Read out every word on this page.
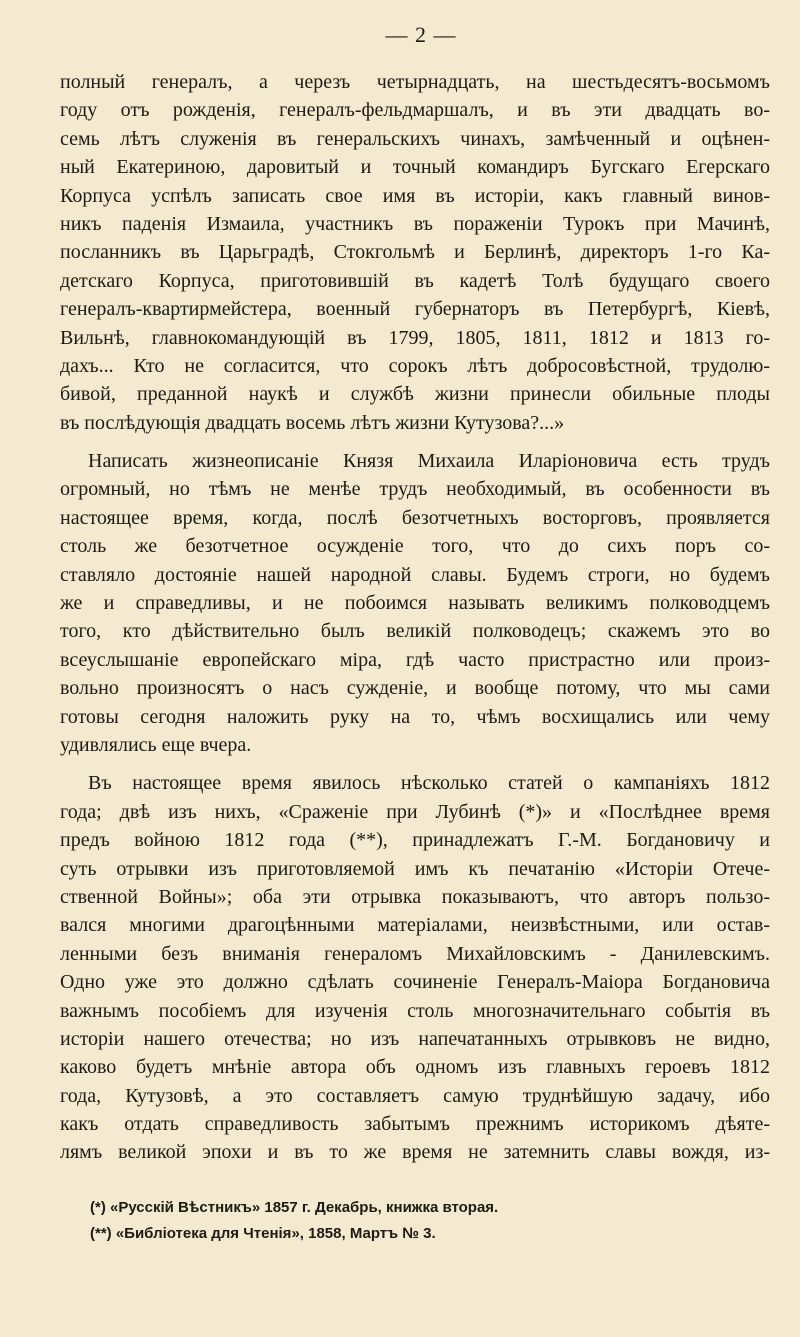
— 2 —
полный генералъ, а черезъ четырнадцать, на шестьдесятъ-восьмомъ
году отъ рожденія, генералъ-фельдмаршалъ, и въ эти двадцать во-
семь лѣтъ служенія въ генеральскихъ чинахъ, замѣченный и оцѣнен-
ный Екатериною, даровитый и точный командиръ Бугскаго Егерскаго
Корпуса успѣлъ записать свое имя въ исторіи, какъ главный винов-
никъ паденія Измаила, участникъ въ пораженіи Турокъ при Мачинѣ,
посланникъ въ Царьградѣ, Стокгольмѣ и Берлинѣ, директоръ 1-го Ка-
детскаго Корпуса, приготовившій въ кадетѣ Толѣ будущаго своего
генералъ-квартирмейстера, военный губернаторъ въ Петербургѣ, Кіевѣ,
Вильнѣ, главнокомандующій въ 1799, 1805, 1811, 1812 и 1813 го-
дахъ... Кто не согласится, что сорокъ лѣтъ добросовѣстной, трудолю-
бивой, преданной наукѣ и службѣ жизни принесли обильные плоды
въ послѣдующія двадцать восемь лѣтъ жизни Кутузова?...»
Написать жизнеописаніе Князя Михаила Иларіоновича есть трудъ
огромный, но тѣмъ не менѣе трудъ необходимый, въ особенности въ
настоящее время, когда, послѣ безотчетныхъ восторговъ, проявляется
столь же безотчетное осужденіе того, что до сихъ поръ со-
ставляло достояніе нашей народной славы. Будемъ строги, но будемъ
же и справедливы, и не побоимся называть великимъ полководцемъ
того, кто дѣйствительно былъ великій полководецъ; скажемъ это во
всеуслышаніе европейскаго міра, гдѣ часто пристрастно или произ-
вольно произносятъ о насъ сужденіе, и вообще потому, что мы сами
готовы сегодня наложить руку на то, чѣмъ восхищались или чему
удивлялись еще вчера.
Въ настоящее время явилось нѣсколько статей о кампаніяхъ 1812
года; двѣ изъ нихъ, «Сраженіе при Лубинѣ (*)» и «Послѣднее время
предъ войною 1812 года (**), принадлежатъ Г.-М. Богдановичу и
суть отрывки изъ приготовляемой имъ къ печатанію «Исторіи Отече-
ственной Войны»; оба эти отрывка показываютъ, что авторъ пользо-
вался многими драгоцѣнными матеріалами, неизвѣстными, или остав-
ленными безъ вниманія генераломъ Михайловскимъ - Данилевскимъ.
Одно уже это должно сдѣлать сочиненіе Генералъ-Маіора Богдановича
важнымъ пособіемъ для изученія столь многозначительнаго событія въ
исторіи нашего отечества; но изъ напечатанныхъ отрывковъ не видно,
каково будетъ мнѣніе автора объ одномъ изъ главныхъ героевъ 1812
года, Кутузовѣ, а это составляетъ самую труднѣйшую задачу, ибо
какъ отдать справедливость забытымъ прежнимъ историкомъ дѣяте-
лямъ великой эпохи и въ то же время не затемнить славы вождя, из-
(*) «Русскій Вѣстникъ» 1857 г. Декабрь, книжка вторая.
(**) «Библіотека для Чтенія», 1858, Мартъ № 3.
